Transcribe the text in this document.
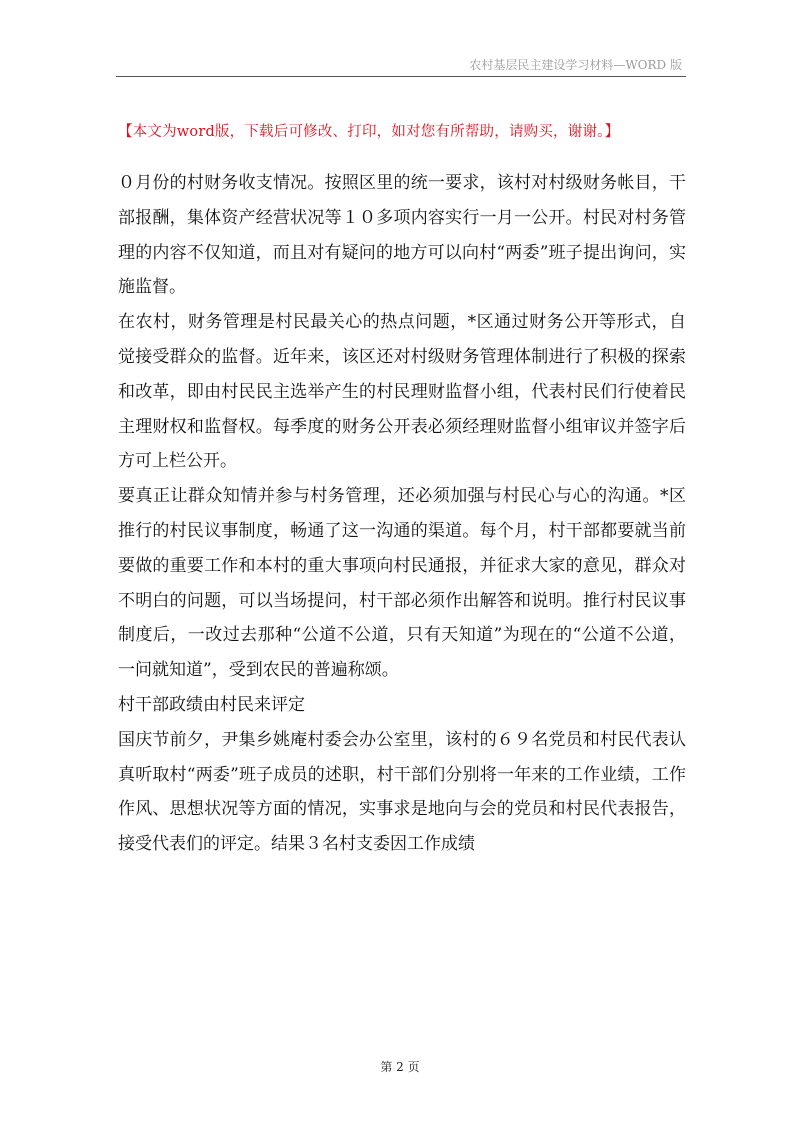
农村基层民主建设学习材料—WORD 版
【本文为word版，下载后可修改、打印，如对您有所帮助，请购买，谢谢。】

０月份的村财务收支情况。按照区里的统一要求，该村对村级财务帐目，干部报酬，集体资产经营状况等１０多项内容实行一月一公开。村民对村务管理的内容不仅知道，而且对有疑问的地方可以向村“两委”班子提出询问，实施监督。

在农村，财务管理是村民最关心的热点问题，*区通过财务公开等形式，自觉接受群众的监督。近年来，该区还对村级财务管理体制进行了积极的探索和改革，即由村民民主选举产生的村民理财监督小组，代表村民们行使着民主理财权和监督权。每季度的财务公开表必须经理财监督小组审议并签字后方可上栏公开。

要真正让群众知情并参与村务管理，还必须加强与村民心与心的沟通。*区推行的村民议事制度，畅通了这一沟通的渠道。每个月，村干部都要就当前要做的重要工作和本村的重大事项向村民通报，并征求大家的意见，群众对不明白的问题，可以当场提问，村干部必须作出解答和说明。推行村民议事制度后，一改过去那种“公道不公道，只有天知道”为现在的“公道不公道，一问就知道”，受到农民的普遍称颂。

村干部政绩由村民来评定

国庆节前夕，尹集乡姚庵村委会办公室里，该村的６９名党员和村民代表认真听取村“两委”班子成员的述职，村干部们分别将一年来的工作业绩，工作作风、思想状况等方面的情况，实事求是地向与会的党员和村民代表报告，接受代表们的评定。结果３名村支委因工作成绩

第 2 页
